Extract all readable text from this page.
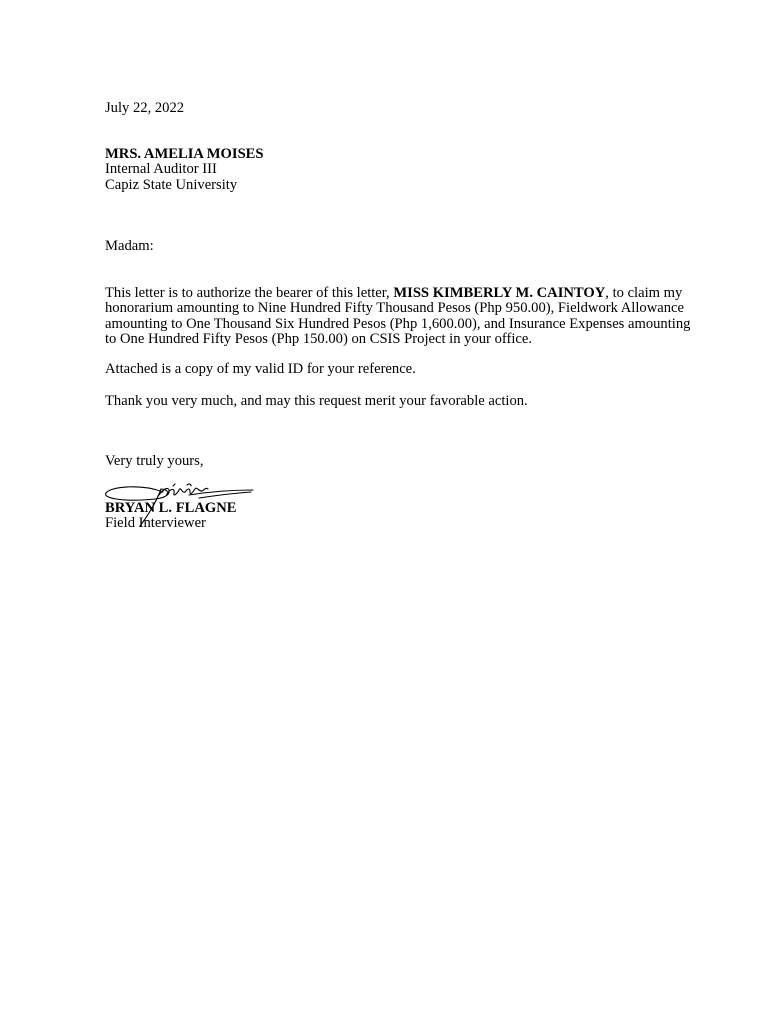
July 22, 2022
MRS. AMELIA MOISES
Internal Auditor III
Capiz State University
Madam:
This letter is to authorize the bearer of this letter, MISS KIMBERLY M. CAINTOY, to claim my
honorarium amounting to Nine Hundred Fifty Thousand Pesos (Php 950.00), Fieldwork Allowance
amounting to One Thousand Six Hundred Pesos (Php 1,600.00), and Insurance Expenses amounting
to One Hundred Fifty Pesos (Php 150.00) on CSIS Project in your office.
Attached is a copy of my valid ID for your reference.
Thank you very much, and may this request merit your favorable action.
Very truly yours,
BRYAN L. FLAGNE
Field Interviewer
